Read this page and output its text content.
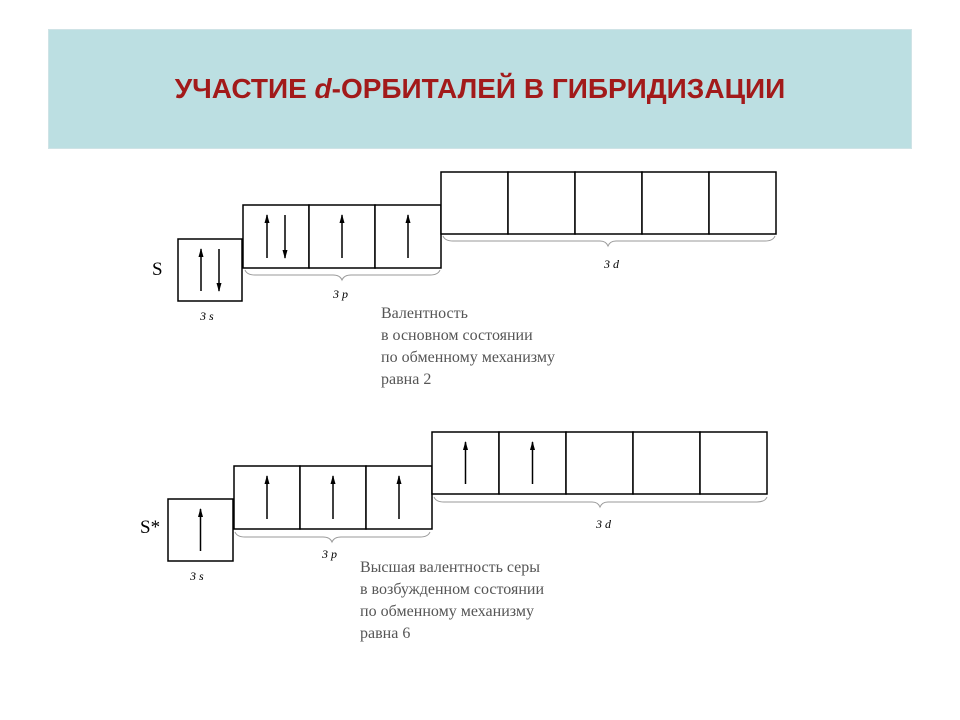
УЧАСТИЕ d-ОРБИТАЛЕЙ В ГИБРИДИЗАЦИИ
S
3 s
3 p
3 d
Валентность
в основном состоянии
по обменному механизму
равна 2
S*
3 s
3 p
3 d
Высшая валентность серы
в возбужденном состоянии
по обменному механизму
равна 6
